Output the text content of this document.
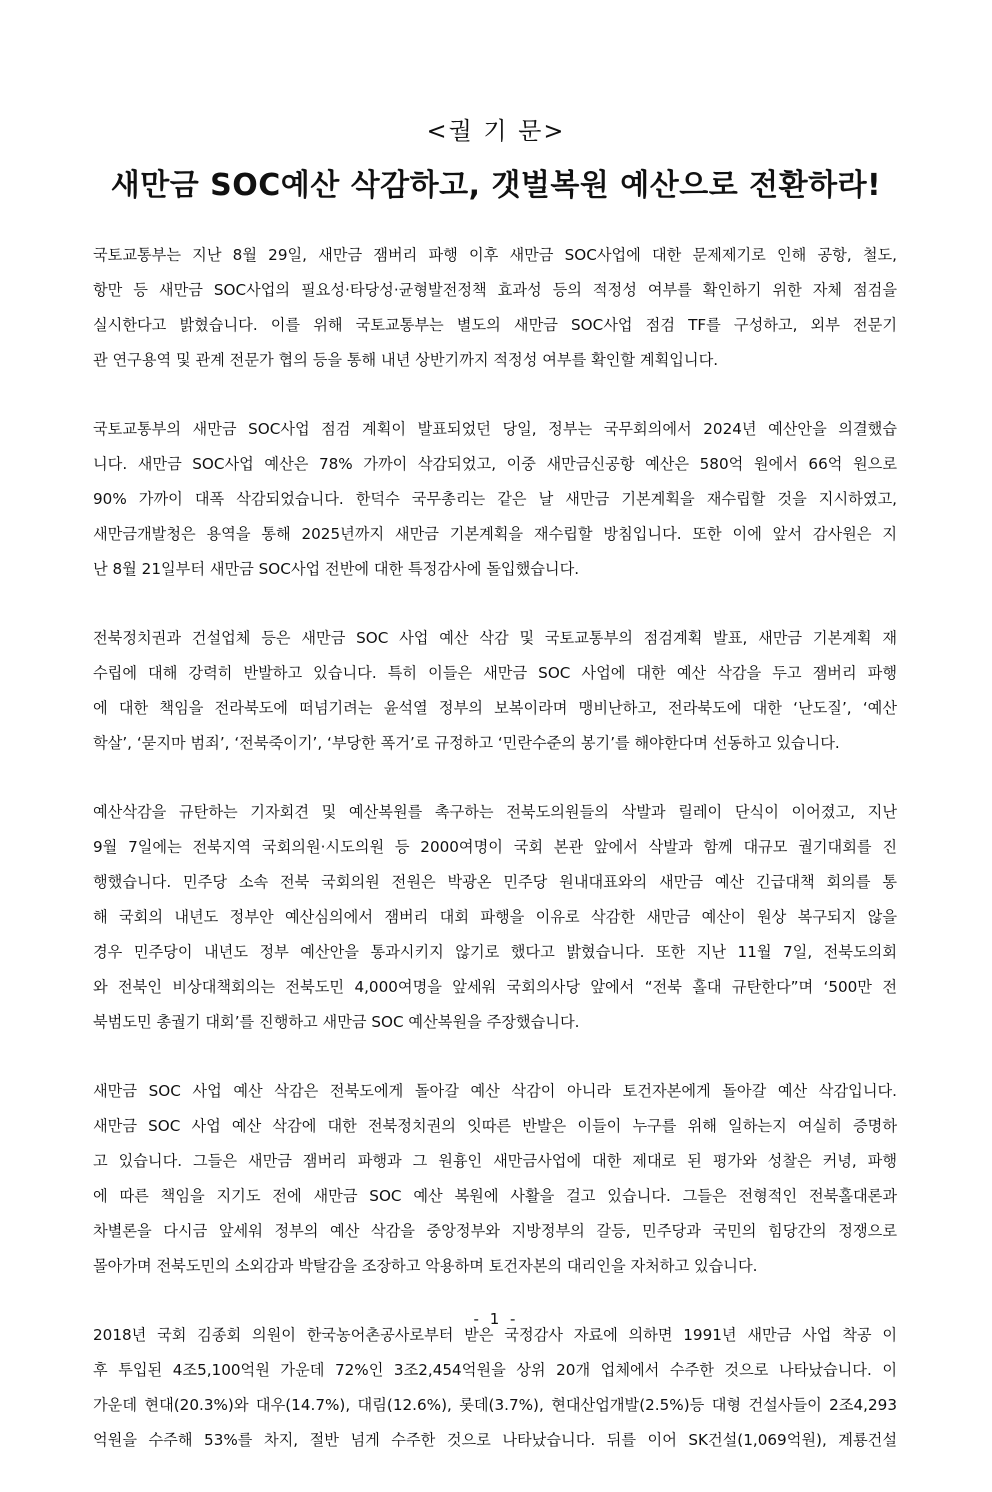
<궐 기 문>
새만금 SOC예산 삭감하고, 갯벌복원 예산으로 전환하라!
국토교통부는 지난 8월 29일, 새만금 잼버리 파행 이후 새만금 SOC사업에 대한 문제제기로 인해 공항, 철도,
항만 등 새만금 SOC사업의 필요성·타당성·균형발전정책 효과성 등의 적정성 여부를 확인하기 위한 자체 점검을
실시한다고 밝혔습니다. 이를 위해 국토교통부는 별도의 새만금 SOC사업 점검 TF를 구성하고, 외부 전문기
관 연구용역 및 관계 전문가 협의 등을 통해 내년 상반기까지 적정성 여부를 확인할 계획입니다.
국토교통부의 새만금 SOC사업 점검 계획이 발표되었던 당일, 정부는 국무회의에서 2024년 예산안을 의결했습
니다. 새만금 SOC사업 예산은 78% 가까이 삭감되었고, 이중 새만금신공항 예산은 580억 원에서 66억 원으로
90% 가까이 대폭 삭감되었습니다. 한덕수 국무총리는 같은 날 새만금 기본계획을 재수립할 것을 지시하였고,
새만금개발청은 용역을 통해 2025년까지 새만금 기본계획을 재수립할 방침입니다. 또한 이에 앞서 감사원은 지
난 8월 21일부터 새만금 SOC사업 전반에 대한 특정감사에 돌입했습니다.
전북정치권과 건설업체 등은 새만금 SOC 사업 예산 삭감 및 국토교통부의 점검계획 발표, 새만금 기본계획 재
수립에 대해 강력히 반발하고 있습니다. 특히 이들은 새만금 SOC 사업에 대한 예산 삭감을 두고 잼버리 파행
에 대한 책임을 전라북도에 떠넘기려는 윤석열 정부의 보복이라며 맹비난하고, 전라북도에 대한 ‘난도질’, ‘예산
학살’, ‘묻지마 범죄’, ‘전북죽이기’, ‘부당한 폭거’로 규정하고 ‘민란수준의 봉기’를 해야한다며 선동하고 있습니다.
예산삭감을 규탄하는 기자회견 및 예산복원를 촉구하는 전북도의원들의 삭발과 릴레이 단식이 이어졌고, 지난
9월 7일에는 전북지역 국회의원·시도의원 등 2000여명이 국회 본관 앞에서 삭발과 함께 대규모 궐기대회를 진
행했습니다. 민주당 소속 전북 국회의원 전원은 박광온 민주당 원내대표와의 새만금 예산 긴급대책 회의를 통
해 국회의 내년도 정부안 예산심의에서 잼버리 대회 파행을 이유로 삭감한 새만금 예산이 원상 복구되지 않을
경우 민주당이 내년도 정부 예산안을 통과시키지 않기로 했다고 밝혔습니다. 또한 지난 11월 7일, 전북도의회
와 전북인 비상대책회의는 전북도민 4,000여명을 앞세워 국회의사당 앞에서 “전북 홀대 규탄한다”며 ‘500만 전
북범도민 총궐기 대회’를 진행하고 새만금 SOC 예산복원을 주장했습니다.
새만금 SOC 사업 예산 삭감은 전북도에게 돌아갈 예산 삭감이 아니라 토건자본에게 돌아갈 예산 삭감입니다.
새만금 SOC 사업 예산 삭감에 대한 전북정치권의 잇따른 반발은 이들이 누구를 위해 일하는지 여실히 증명하
고 있습니다. 그들은 새만금 잼버리 파행과 그 원흉인 새만금사업에 대한 제대로 된 평가와 성찰은 커녕, 파행
에 따른 책임을 지기도 전에 새만금 SOC 예산 복원에 사활을 걸고 있습니다. 그들은 전형적인 전북홀대론과
차별론을 다시금 앞세워 정부의 예산 삭감을 중앙정부와 지방정부의 갈등, 민주당과 국민의 힘당간의 정쟁으로
몰아가며 전북도민의 소외감과 박탈감을 조장하고 악용하며 토건자본의 대리인을 자처하고 있습니다.
2018년 국회 김종회 의원이 한국농어촌공사로부터 받은 국정감사 자료에 의하면 1991년 새만금 사업 착공 이
후 투입된 4조5,100억원 가운데 72%인 3조2,454억원을 상위 20개 업체에서 수주한 것으로 나타났습니다. 이
가운데 현대(20.3%)와 대우(14.7%), 대림(12.6%), 롯데(3.7%), 현대산업개발(2.5%)등 대형 건설사들이 2조4,293
억원을 수주해 53%를 차지, 절반 넘게 수주한 것으로 나타났습니다. 뒤를 이어 SK건설(1,069억원), 계룡건설
- 1 -
